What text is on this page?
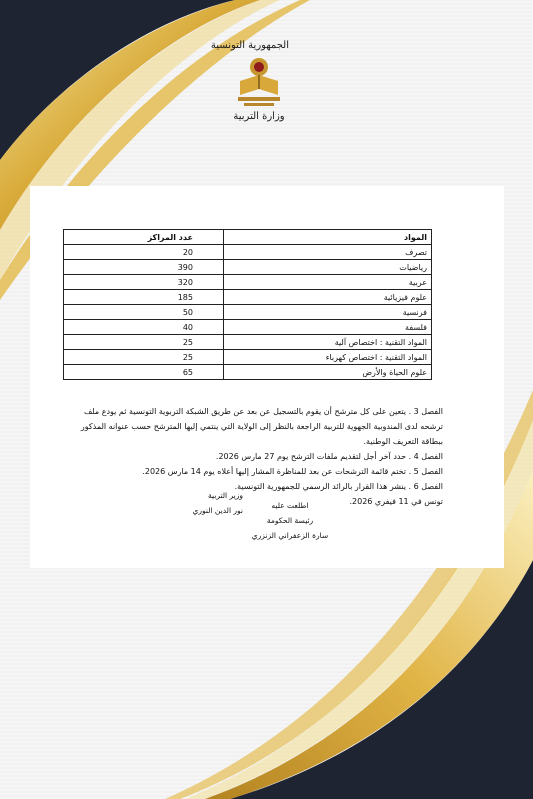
الجمهورية التونسية
وزارة التربية
المواد	عدد المراكز
تصرف	20
رياضيات	390
عربية	320
علوم فيزيائية	185
فرنسية	50
فلسفة	40
المواد التقنية : اختصاص آلية	25
المواد التقنية : اختصاص كهرباء	25
علوم الحياة والأرض	65

الفصل 3 . يتعين على كل مترشح أن يقوم بالتسجيل عن بعد عن طريق الشبكة التربوية التونسية ثم يودع ملف ترشحه لدى المندوبية الجهوية للتربية الراجعة بالنظر إلى الولاية التي ينتمي إليها المترشح حسب عنوانه المذكور ببطاقة التعريف الوطنية.

الفصل 4 . حدد آخر أجل لتقديم ملفات الترشح يوم 27 مارس 2026.

الفصل 5 . تختم قائمة الترشحات عن بعد للمناظرة المشار إليها أعلاه يوم 14 مارس 2026.

الفصل 6 . ينشر هذا القرار بالرائد الرسمي للجمهورية التونسية.

تونس في 11 فيفري 2026.

وزير التربية
نور الدين النوري
اطلعت عليه
رئيسة الحكومة
سارة الزعفراني الزنزري
